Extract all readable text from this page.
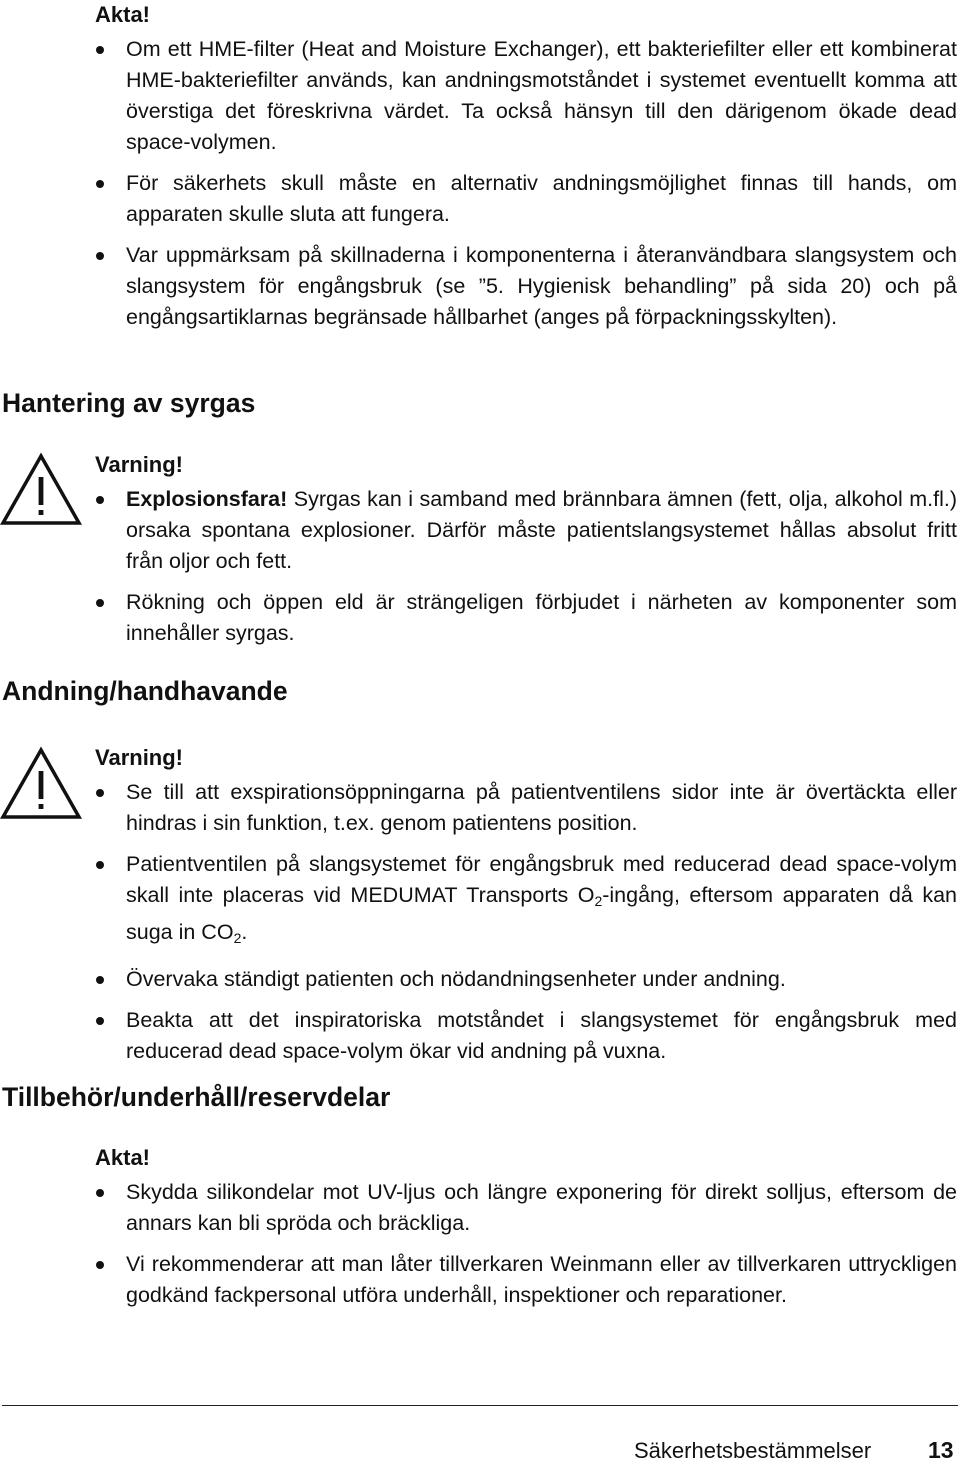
Akta!
Om ett HME-filter (Heat and Moisture Exchanger), ett bakteriefilter eller ett kombinerat HME-bakteriefilter används, kan andningsmotståndet i systemet eventuellt komma att överstiga det föreskrivna värdet. Ta också hänsyn till den därigenom ökade dead space-volymen.
För säkerhets skull måste en alternativ andningsmöjlighet finnas till hands, om apparaten skulle sluta att fungera.
Var uppmärksam på skillnaderna i komponenterna i återanvändbara slangsystem och slangsystem för engångsbruk (se ”5. Hygienisk behandling” på sida 20) och på engångsartiklarnas begränsade hållbarhet (anges på förpackningsskylten).
Hantering av syrgas
Varning!
Explosionsfara! Syrgas kan i samband med brännbara ämnen (fett, olja, alkohol m.fl.) orsaka spontana explosioner. Därför måste patientslangsystemet hållas absolut fritt från oljor och fett.
Rökning och öppen eld är strängeligen förbjudet i närheten av komponenter som innehåller syrgas.
Andning/handhavande
Varning!
Se till att exspirationsöppningarna på patientventilens sidor inte är övertäckta eller hindras i sin funktion, t.ex. genom patientens position.
Patientventilen på slangsystemet för engångsbruk med reducerad dead space-volym skall inte placeras vid MEDUMAT Transports $O_2$-ingång, eftersom apparaten då kan suga in $CO_2$.
Övervaka ständigt patienten och nödandningsenheter under andning.
Beakta att det inspiratoriska motståndet i slangsystemet för engångsbruk med reducerad dead space-volym ökar vid andning på vuxna.
Tillbehör/underhåll/reservdelar
Akta!
Skydda silikondelar mot UV-ljus och längre exponering för direkt solljus, eftersom de annars kan bli spröda och bräckliga.
Vi rekommenderar att man låter tillverkaren Weinmann eller av tillverkaren uttryckligen godkänd fackpersonal utföra underhåll, inspektioner och reparationer.
Säkerhetsbestämmelser 13
